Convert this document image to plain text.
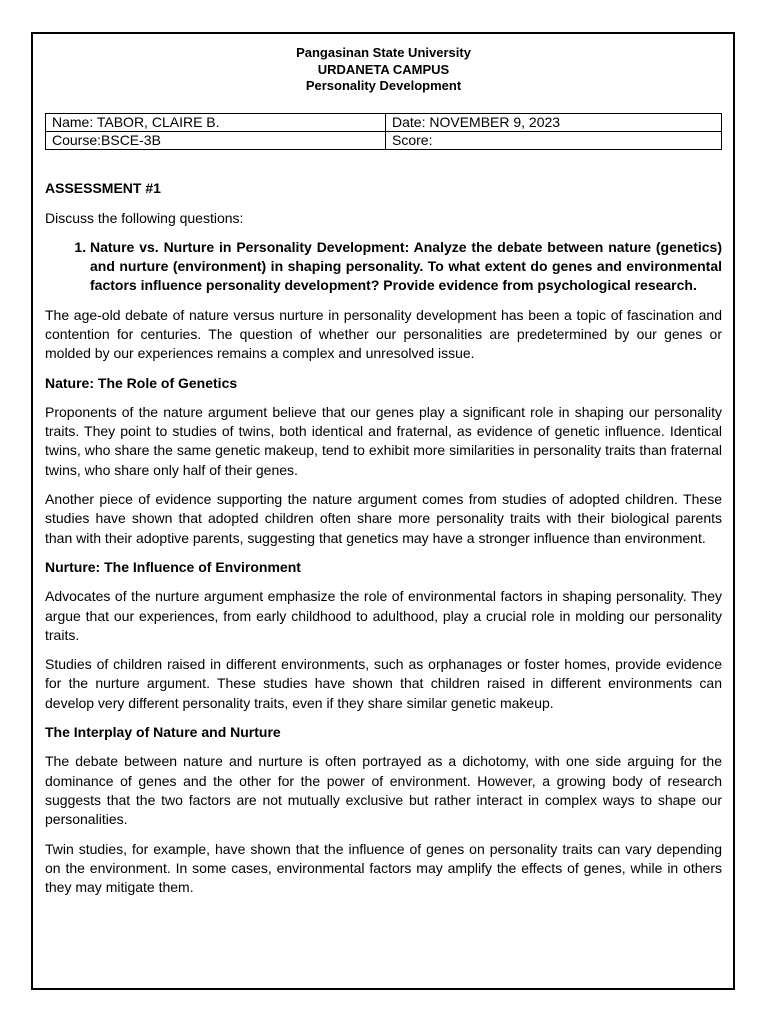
Pangasinan State University
URDANETA CAMPUS
Personality Development
Name: TABOR, CLAIRE B.	Date: NOVEMBER 9, 2023
Course:BSCE-3B	Score:
ASSESSMENT #1

Discuss the following questions:

1. Nature vs. Nurture in Personality Development: Analyze the debate between nature (genetics) and nurture (environment) in shaping personality. To what extent do genes and environmental factors influence personality development? Provide evidence from psychological research.

The age-old debate of nature versus nurture in personality development has been a topic of fascination and contention for centuries. The question of whether our personalities are predetermined by our genes or molded by our experiences remains a complex and unresolved issue.

Nature: The Role of Genetics

Proponents of the nature argument believe that our genes play a significant role in shaping our personality traits. They point to studies of twins, both identical and fraternal, as evidence of genetic influence. Identical twins, who share the same genetic makeup, tend to exhibit more similarities in personality traits than fraternal twins, who share only half of their genes.

Another piece of evidence supporting the nature argument comes from studies of adopted children. These studies have shown that adopted children often share more personality traits with their biological parents than with their adoptive parents, suggesting that genetics may have a stronger influence than environment.

Nurture: The Influence of Environment

Advocates of the nurture argument emphasize the role of environmental factors in shaping personality. They argue that our experiences, from early childhood to adulthood, play a crucial role in molding our personality traits.

Studies of children raised in different environments, such as orphanages or foster homes, provide evidence for the nurture argument. These studies have shown that children raised in different environments can develop very different personality traits, even if they share similar genetic makeup.

The Interplay of Nature and Nurture

The debate between nature and nurture is often portrayed as a dichotomy, with one side arguing for the dominance of genes and the other for the power of environment. However, a growing body of research suggests that the two factors are not mutually exclusive but rather interact in complex ways to shape our personalities.

Twin studies, for example, have shown that the influence of genes on personality traits can vary depending on the environment. In some cases, environmental factors may amplify the effects of genes, while in others they may mitigate them.
